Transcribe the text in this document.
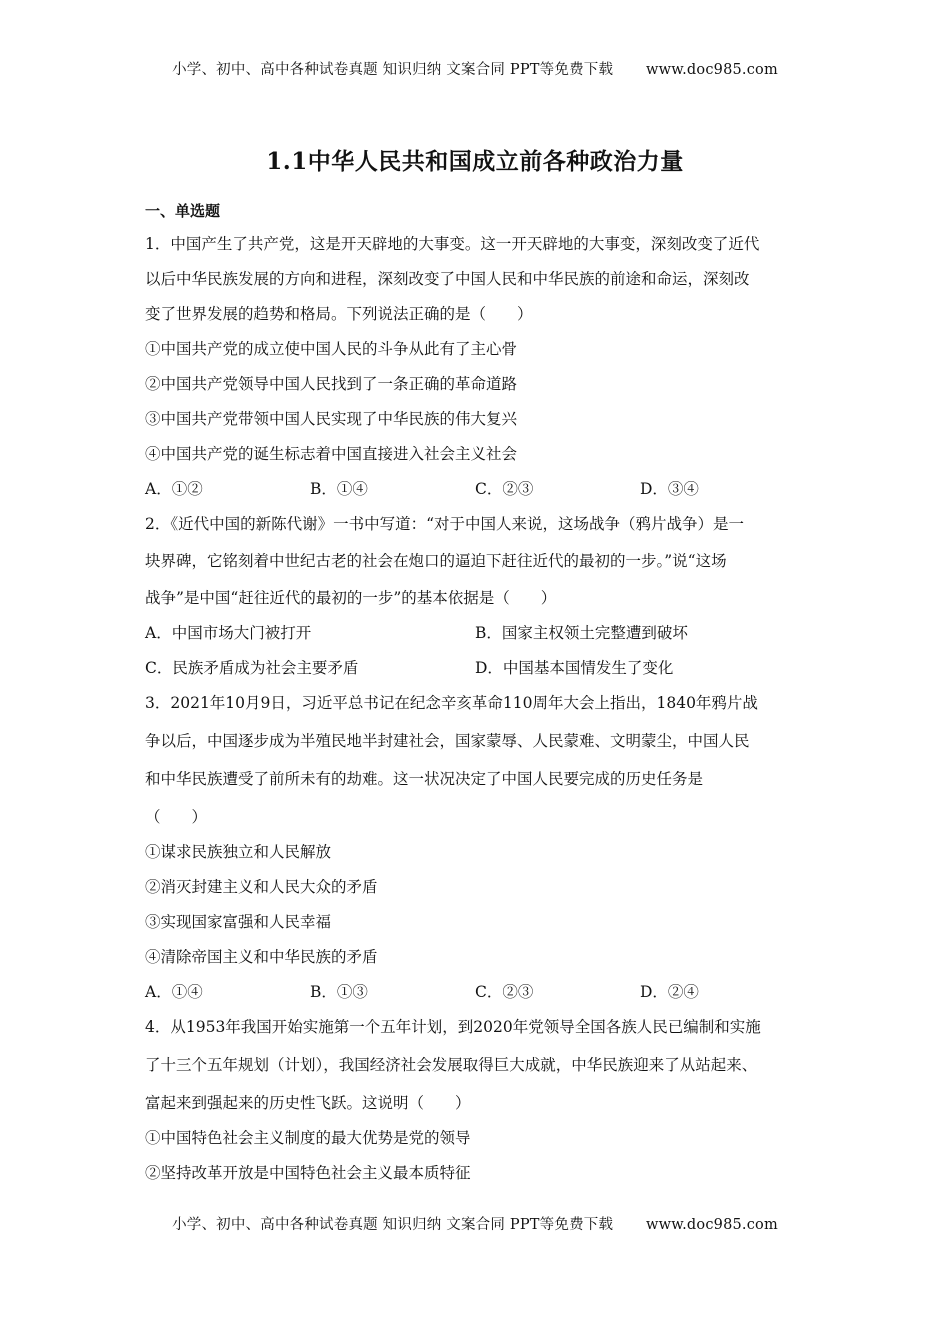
小学、初中、高中各种试卷真题 知识归纳 文案合同 PPT等免费下载 www.doc985.com
1.1中华人民共和国成立前各种政治力量
一、单选题
1．中国产生了共产党，这是开天辟地的大事变。这一开天辟地的大事变，深刻改变了近代
以后中华民族发展的方向和进程，深刻改变了中国人民和中华民族的前途和命运，深刻改
变了世界发展的趋势和格局。下列说法正确的是（　　）
①中国共产党的成立使中国人民的斗争从此有了主心骨
②中国共产党领导中国人民找到了一条正确的革命道路
③中国共产党带领中国人民实现了中华民族的伟大复兴
④中国共产党的诞生标志着中国直接进入社会主义社会
A．①②	B．①④	C．②③	D．③④
2．《近代中国的新陈代谢》一书中写道：“对于中国人来说，这场战争（鸦片战争）是一
块界碑，它铭刻着中世纪古老的社会在炮口的逼迫下赶往近代的最初的一步。”说“这场
战争”是中国“赶往近代的最初的一步”的基本依据是（　　）
A．中国市场大门被打开	B．国家主权领土完整遭到破坏
C．民族矛盾成为社会主要矛盾	D．中国基本国情发生了变化
3．2021年10月9日，习近平总书记在纪念辛亥革命110周年大会上指出，1840年鸦片战
争以后，中国逐步成为半殖民地半封建社会，国家蒙辱、人民蒙难、文明蒙尘，中国人民
和中华民族遭受了前所未有的劫难。这一状况决定了中国人民要完成的历史任务是
（　　）
①谋求民族独立和人民解放
②消灭封建主义和人民大众的矛盾
③实现国家富强和人民幸福
④清除帝国主义和中华民族的矛盾
A．①④	B．①③	C．②③	D．②④
4．从1953年我国开始实施第一个五年计划，到2020年党领导全国各族人民已编制和实施
了十三个五年规划（计划），我国经济社会发展取得巨大成就，中华民族迎来了从站起来、
富起来到强起来的历史性飞跃。这说明（　　）
①中国特色社会主义制度的最大优势是党的领导
②坚持改革开放是中国特色社会主义最本质特征
小学、初中、高中各种试卷真题 知识归纳 文案合同 PPT等免费下载 www.doc985.com
